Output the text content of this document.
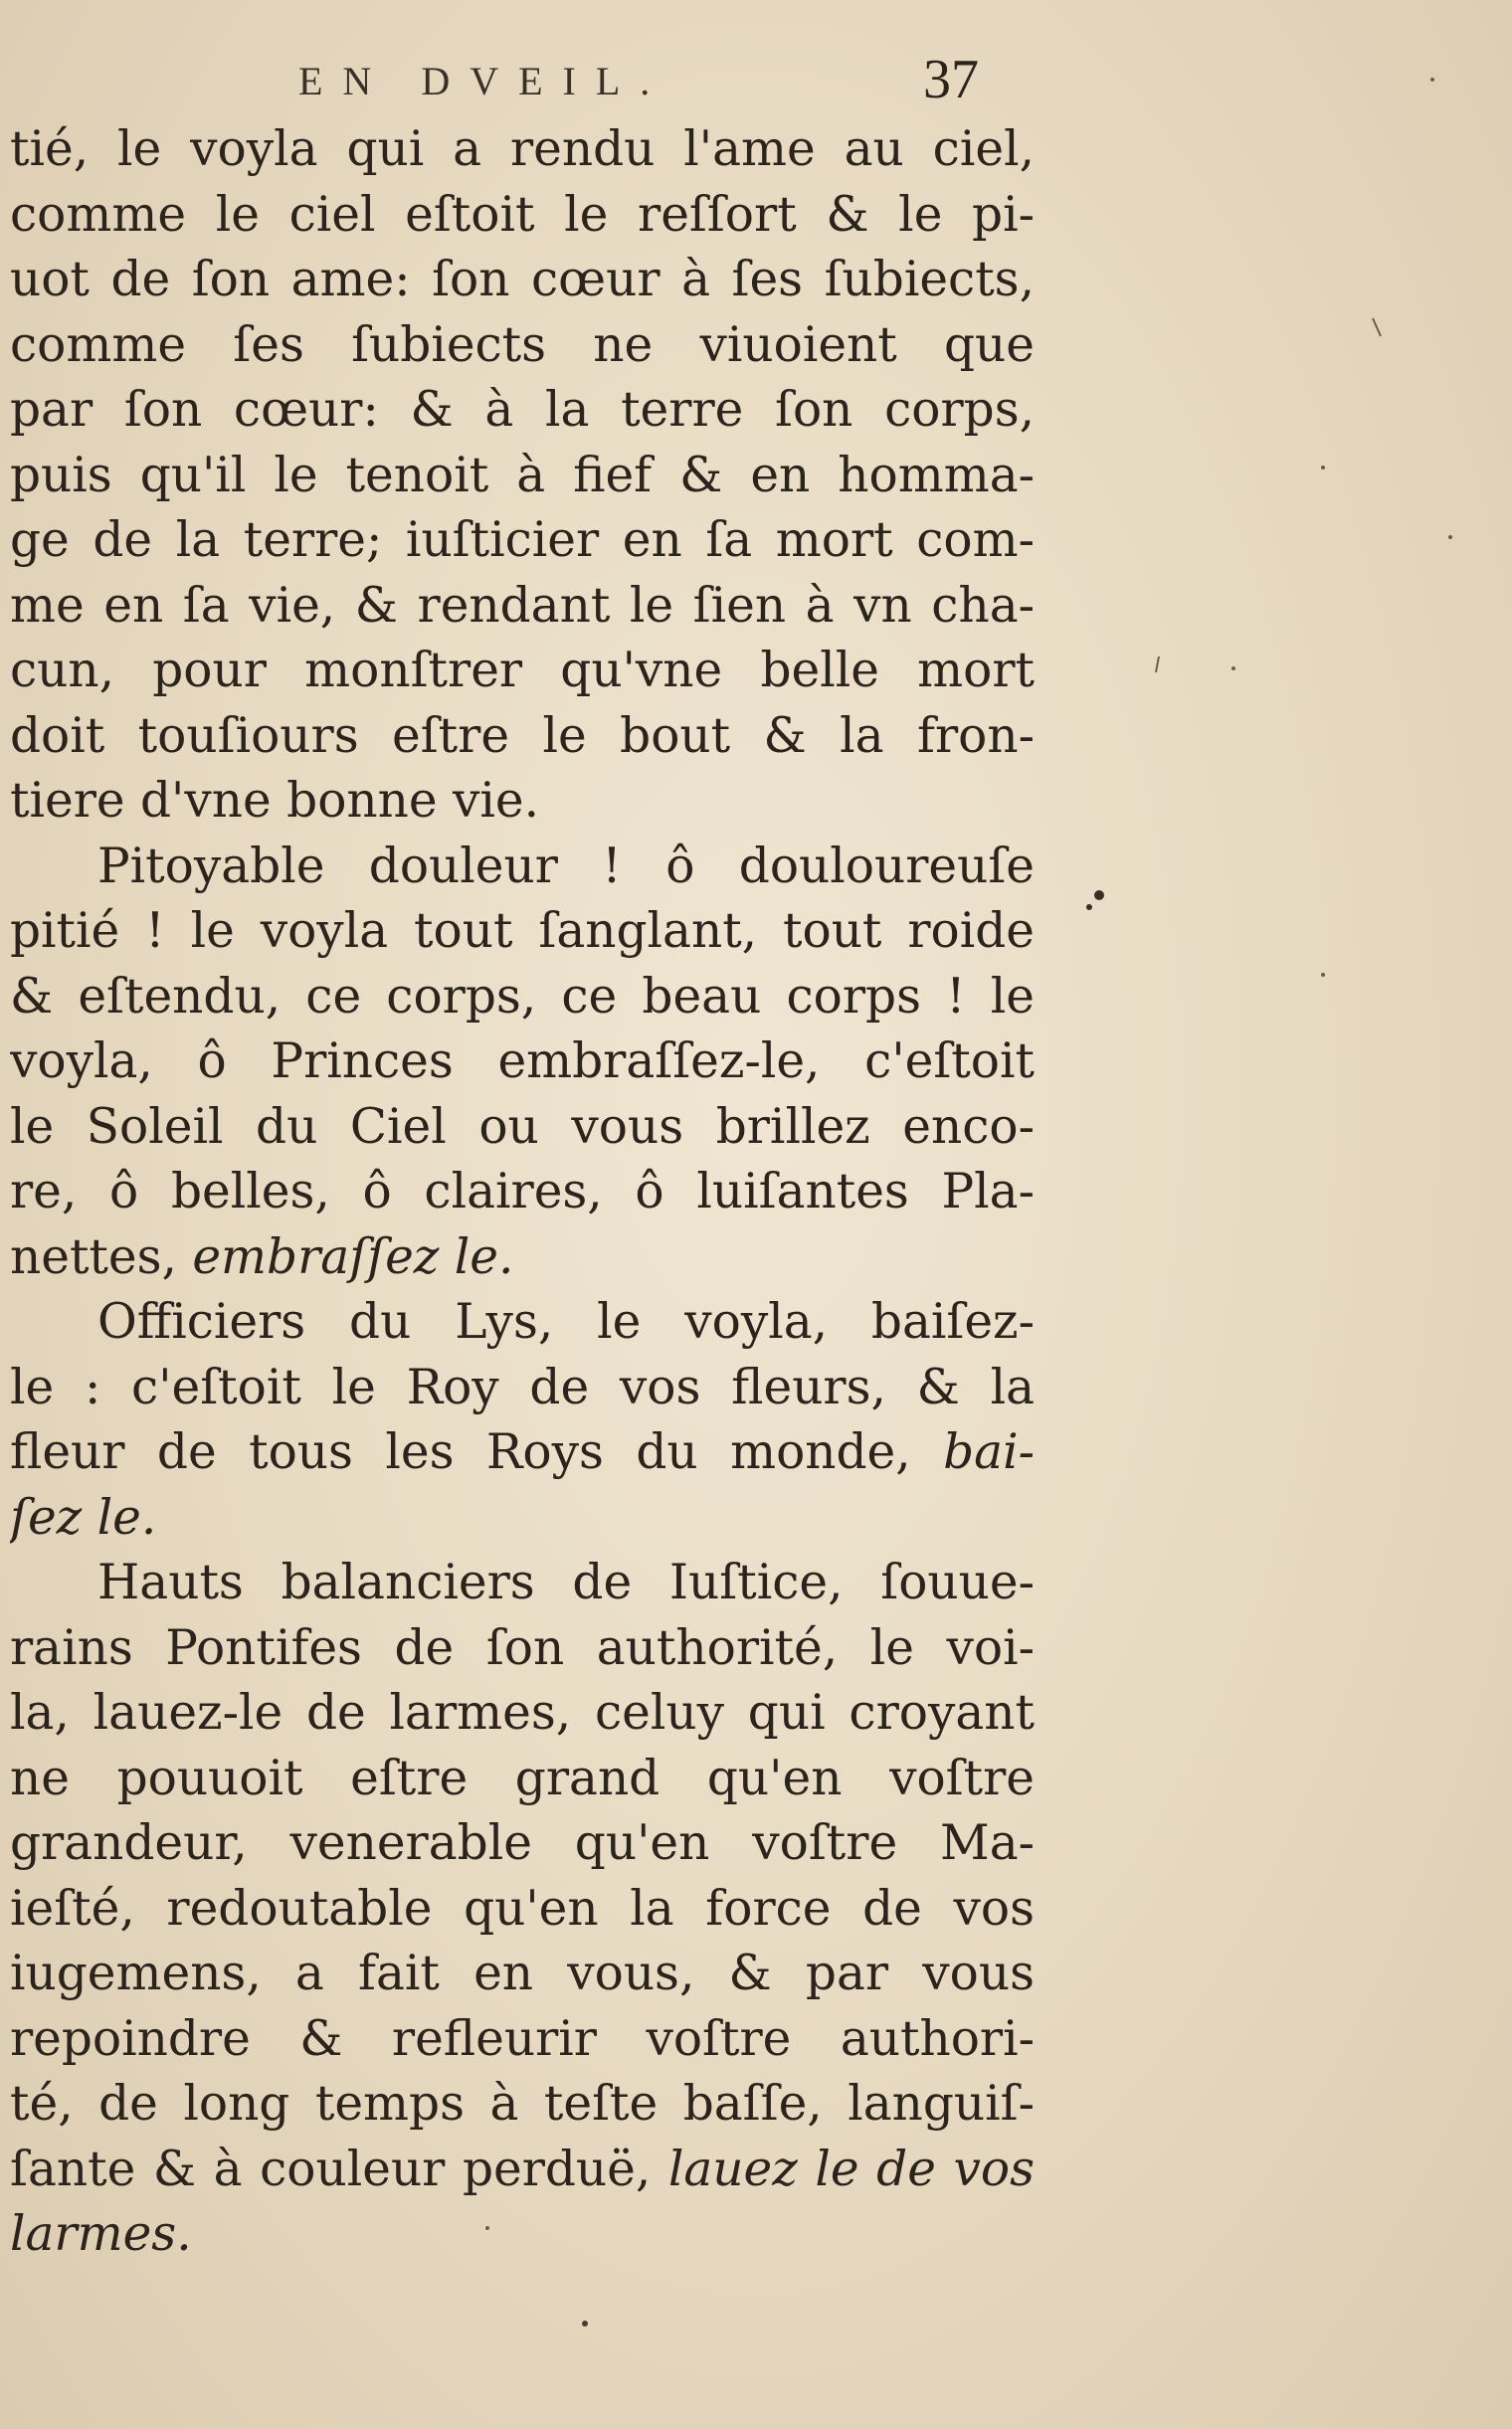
EN DVEIL.	37
tié, le voyla qui a rendu l'ame au ciel,
comme le ciel eſtoit le reſſort & le pi-
uot de ſon ame: ſon cœur à ſes ſubiects,
comme ſes ſubiects ne viuoient que
par ſon cœur: & à la terre ſon corps,
puis qu'il le tenoit à fief & en homma-
ge de la terre; iuſticier en ſa mort com-
me en ſa vie, & rendant le ſien à vn cha-
cun, pour monſtrer qu'vne belle mort
doit touſiours eſtre le bout & la fron-
tiere d'vne bonne vie.
Pitoyable douleur ! ô douloureuſe
pitié ! le voyla tout ſanglant, tout roide
& eſtendu, ce corps, ce beau corps ! le
voyla, ô Princes embraſſez-le, c'eſtoit
le Soleil du Ciel ou vous brillez enco-
re, ô belles, ô claires, ô luiſantes Pla-
nettes, embraſſez le.
Officiers du Lys, le voyla, baiſez-
le : c'eſtoit le Roy de vos fleurs, & la
fleur de tous les Roys du monde, bai-
ſez le.
Hauts balanciers de Iuſtice, ſouue-
rains Pontifes de ſon authorité, le voi-
la, lauez-le de larmes, celuy qui croyant
ne pouuoit eſtre grand qu'en voſtre
grandeur, venerable qu'en voſtre Ma-
ieſté, redoutable qu'en la force de vos
iugemens, a fait en vous, & par vous
repoindre & refleurir voſtre authori-
té, de long temps à teſte baſſe, languiſ-
ſante & à couleur perduë, lauez le de vos
larmes.
